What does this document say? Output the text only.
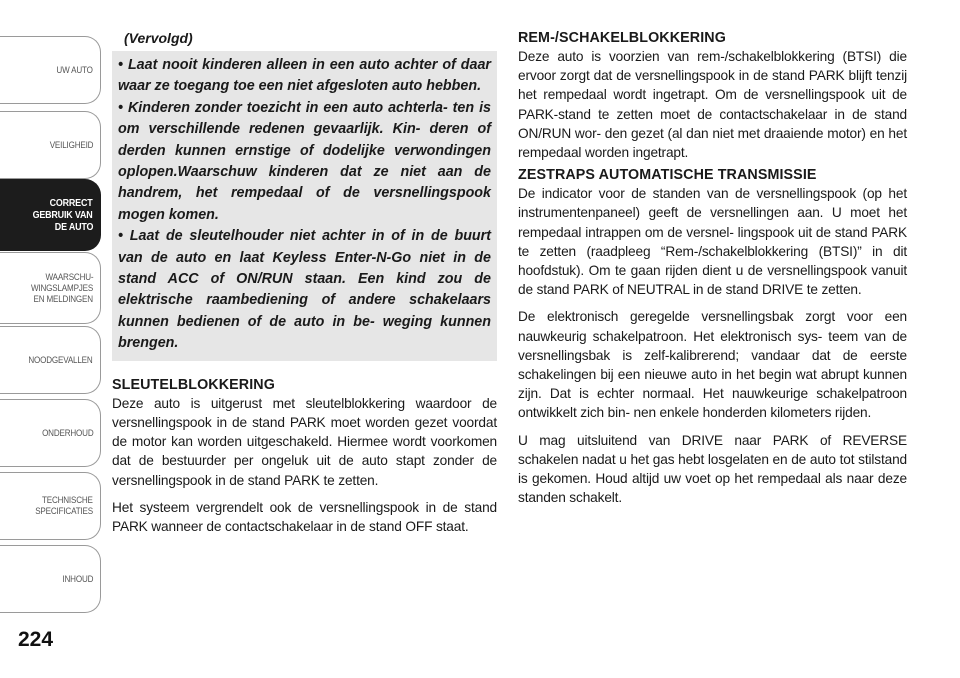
UW AUTO
VEILIGHEID
CORRECT
GEBRUIK VAN
DE AUTO
WAARSCHU-
WINGSLAMPJES
EN MELDINGEN
NOODGEVALLEN
ONDERHOUD
TECHNISCHE
SPECIFICATIES
INHOUD
224
(Vervolgd)

• Laat nooit kinderen alleen in een auto achter of daar waar ze toegang toe een niet afgesloten auto hebben.

• Kinderen zonder toezicht in een auto achterla- ten is om verschillende redenen gevaarlijk. Kin- deren of derden kunnen ernstige of dodelijke verwondingen oplopen.Waarschuw kinderen dat ze niet aan de handrem, het rempedaal of de versnellingspook mogen komen.

• Laat de sleutelhouder niet achter in of in de buurt van de auto en laat Keyless Enter-N-Go niet in de stand ACC of ON/RUN staan. Een kind zou de elektrische raambediening of andere schakelaars kunnen bedienen of de auto in be- weging kunnen brengen.

SLEUTELBLOKKERING

Deze auto is uitgerust met sleutelblokkering waardoor de versnellingspook in de stand PARK moet worden gezet voordat de motor kan worden uitgeschakeld. Hiermee wordt voorkomen dat de bestuurder per ongeluk uit de auto stapt zonder de versnellingspook in de stand PARK te zetten.

Het systeem vergrendelt ook de versnellingspook in de stand PARK wanneer de contactschakelaar in de stand OFF staat.

REM-/SCHAKELBLOKKERING

Deze auto is voorzien van rem-/schakelblokkering (BTSI) die ervoor zorgt dat de versnellingspook in de stand PARK blijft tenzij het rempedaal wordt ingetrapt. Om de versnellingspook uit de PARK-stand te zetten moet de contactschakelaar in de stand ON/RUN wor- den gezet (al dan niet met draaiende motor) en het rempedaal worden ingetrapt.

ZESTRAPS AUTOMATISCHE TRANSMISSIE

De indicator voor de standen van de versnellingspook (op het instrumentenpaneel) geeft de versnellingen aan. U moet het rempedaal intrappen om de versnel- lingspook uit de stand PARK te zetten (raadpleeg “Rem-/schakelblokkering (BTSI)” in dit hoofdstuk). Om te gaan rijden dient u de versnellingspook vanuit de stand PARK of NEUTRAL in de stand DRIVE te zetten.

De elektronisch geregelde versnellingsbak zorgt voor een nauwkeurig schakelpatroon. Het elektronisch sys- teem van de versnellingsbak is zelf-kalibrerend; vandaar dat de eerste schakelingen bij een nieuwe auto in het begin wat abrupt kunnen zijn. Dat is echter normaal. Het nauwkeurige schakelpatroon ontwikkelt zich bin- nen enkele honderden kilometers rijden.

U mag uitsluitend van DRIVE naar PARK of REVERSE schakelen nadat u het gas hebt losgelaten en de auto tot stilstand is gekomen. Houd altijd uw voet op het rempedaal als naar deze standen schakelt.
